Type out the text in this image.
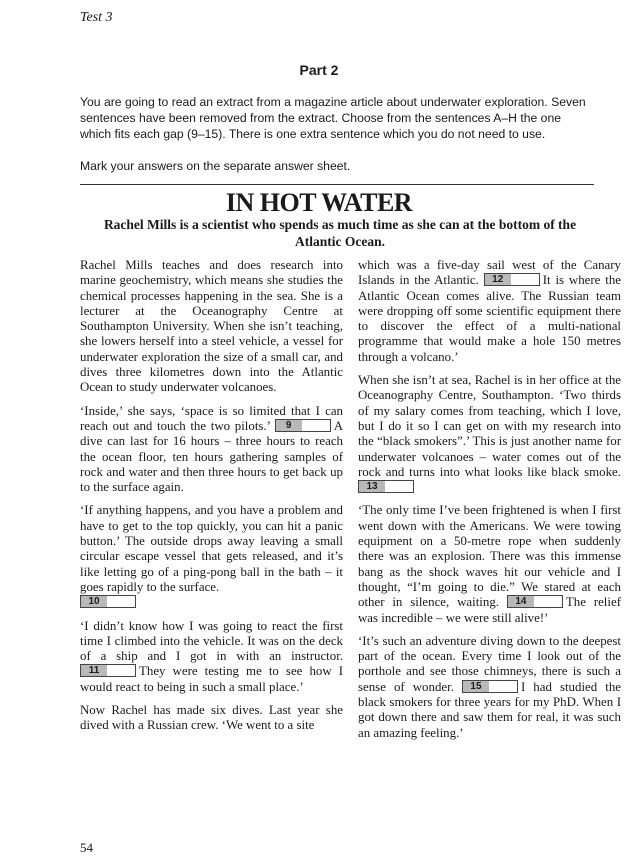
Test 3
Part 2
You are going to read an extract from a magazine article about underwater exploration. Seven sentences have been removed from the extract. Choose from the sentences A–H the one which fits each gap (9–15). There is one extra sentence which you do not need to use.
Mark your answers on the separate answer sheet.
IN HOT WATER
Rachel Mills is a scientist who spends as much time as she can at the bottom of the Atlantic Ocean.

Rachel Mills teaches and does research into marine geochemistry, which means she studies the chemical processes happening in the sea. She is a lecturer at the Oceanography Centre at Southampton University. When she isn’t teaching, she lowers herself into a steel vehicle, a vessel for underwater exploration the size of a small car, and dives three kilometres down into the Atlantic Ocean to study underwater volcanoes.

‘Inside,’ she says, ‘space is so limited that I can reach out and touch the two pilots.’	9	A dive can last for 16 hours – three hours to reach the ocean floor, ten hours gathering samples of rock and water and then three hours to get back up to the surface again.

‘If anything happens, and you have a problem and have to get to the top quickly, you can hit a panic button.’ The outside drops away leaving a small circular escape vessel that gets released, and it’s like letting go of a ping-pong ball in the bath – it goes rapidly to the surface.

10

‘I didn’t know how I was going to react the first time I climbed into the vehicle. It was on the deck of a ship and I got in with an instructor.
11	They were testing me to see how I would react to being in such a small place.’

Now Rachel has made six dives. Last year she dived with a Russian crew. ‘We went to a site

which was a five-day sail west of the Canary Islands in the Atlantic.	12	It is where the Atlantic Ocean comes alive. The Russian team were dropping off some scientific equipment there to discover the effect of a multi-national programme that would make a hole 150 metres through a volcano.’

When she isn’t at sea, Rachel is in her office at the Oceanography Centre, Southampton. ‘Two thirds of my salary comes from teaching, which I love, but I do it so I can get on with my research into the “black smokers”.’ This is just another name for underwater volcanoes – water comes out of the rock and turns into what looks like black smoke.
13

‘The only time I’ve been frightened is when I first went down with the Americans. We were towing equipment on a 50-metre rope when suddenly there was an explosion. There was this immense bang as the shock waves hit our vehicle and I thought, “I’m going to die.” We stared at each other in silence, waiting.	14	The relief was incredible – we were still alive!’

‘It’s such an adventure diving down to the deepest part of the ocean. Every time I look out of the porthole and see those chimneys, there is such a sense of wonder.	15	I had studied the black smokers for three years for my PhD. When I got down there and saw them for real, it was such an amazing feeling.’

54
